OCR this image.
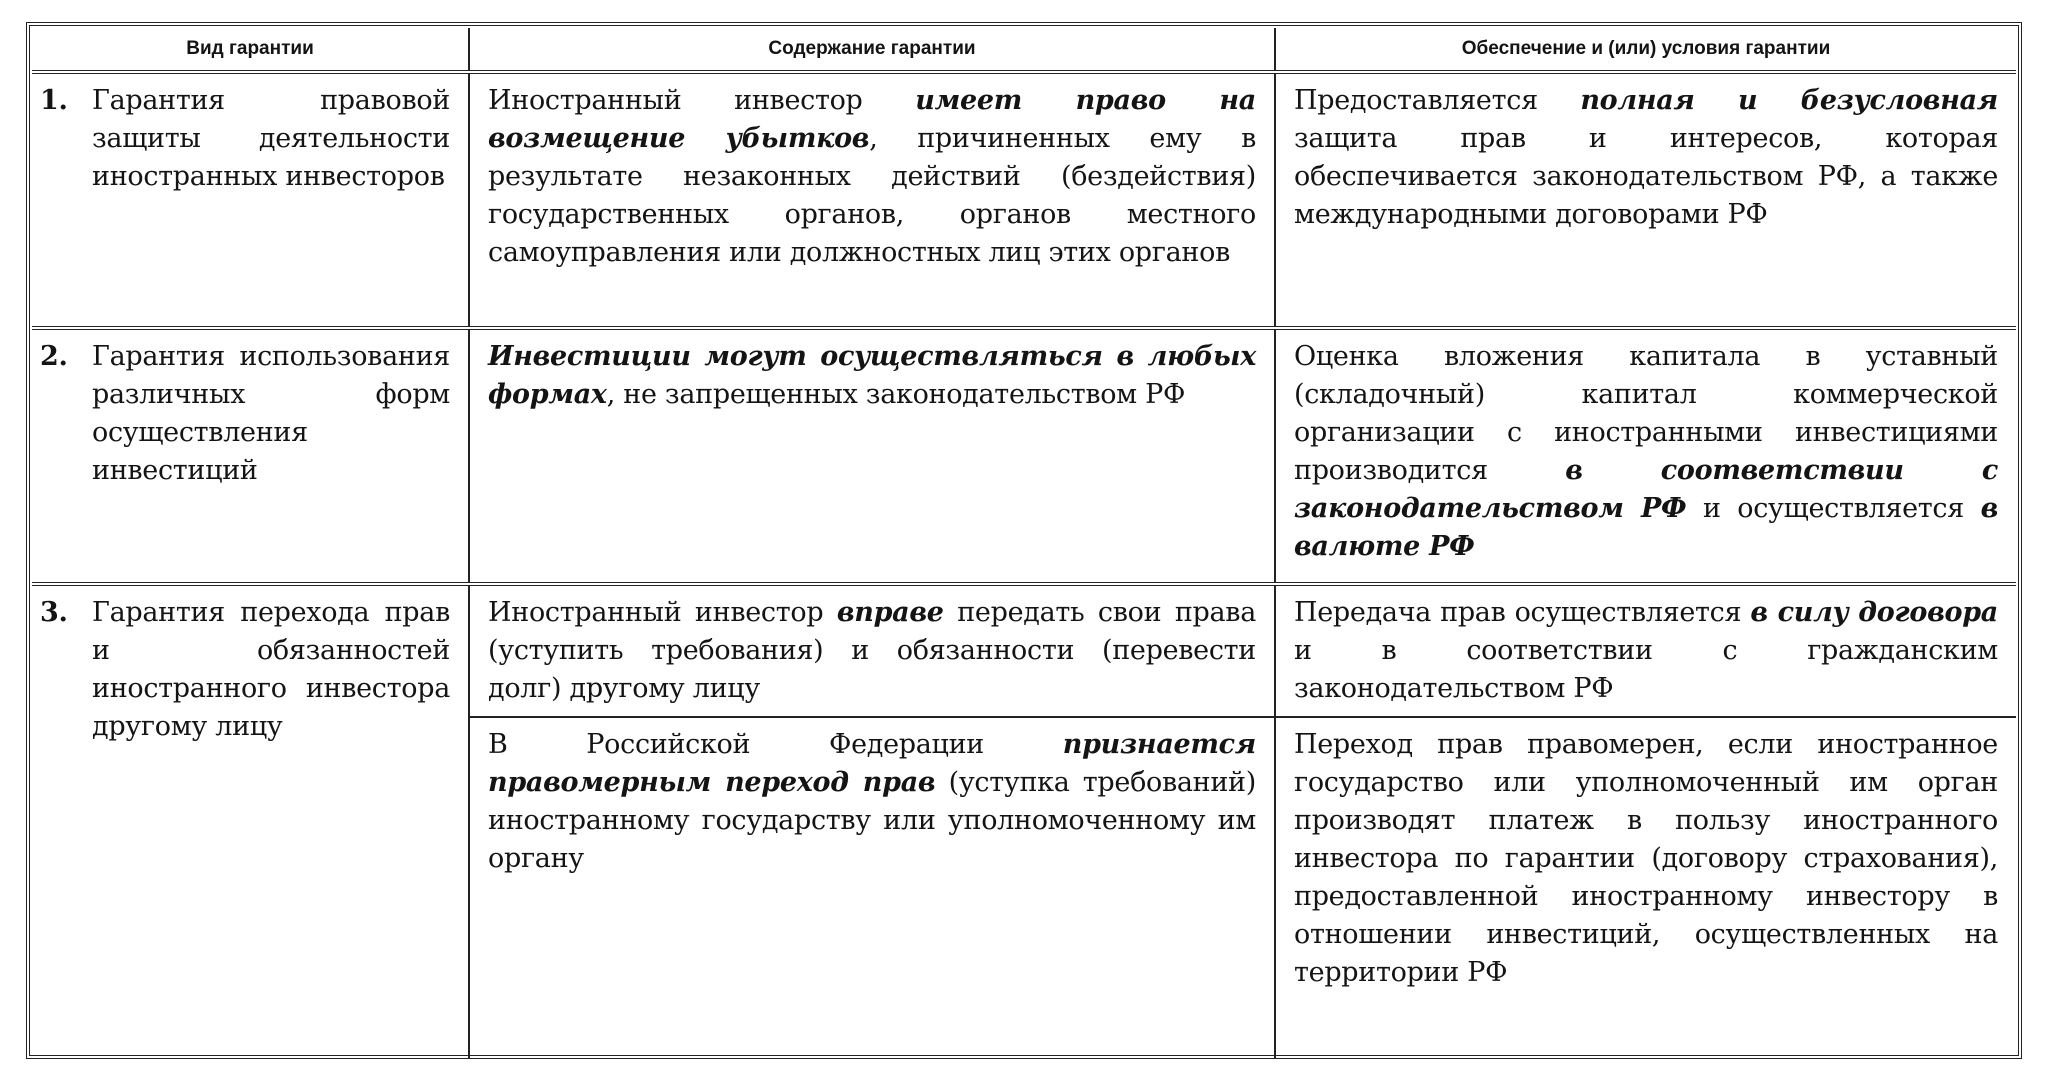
Вид гарантии	Содержание гарантии	Обеспечение и (или) условия гарантии

1. Гарантия правовой защиты деятельности иностранных инвесторов	Иностранный инвестор имеет право на возмещение убытков, причиненных ему в результате незаконных действий (бездействия) государственных органов, органов местного самоуправления или должностных лиц этих органов	Предоставляется полная и безусловная защита прав и интересов, которая обеспечивается законодательством РФ, а также международными договорами РФ

2. Гарантия использования различных форм осуществления инвестиций	Инвестиции могут осуществляться в любых формах, не запрещенных законодательством РФ	Оценка вложения капитала в уставный (складочный) капитал коммерческой организации с иностранными инвестициями производится в соответствии с законодательством РФ и осуществляется в валюте РФ

3. Гарантия перехода прав и обязанностей иностранного инвестора другому лицу	Иностранный инвестор вправе передать свои права (уступить требования) и обязанности (перевести долг) другому лицу	Передача прав осуществляется в силу договора и в соответствии с гражданским законодательством РФ
	В Российской Федерации признается правомерным переход прав (уступка требований) иностранному государству или уполномоченному им органу	Переход прав правомерен, если иностранное государство или уполномоченный им орган производят платеж в пользу иностранного инвестора по гарантии (договору страхования), предоставленной иностранному инвестору в отношении инвестиций, осуществленных на территории РФ
